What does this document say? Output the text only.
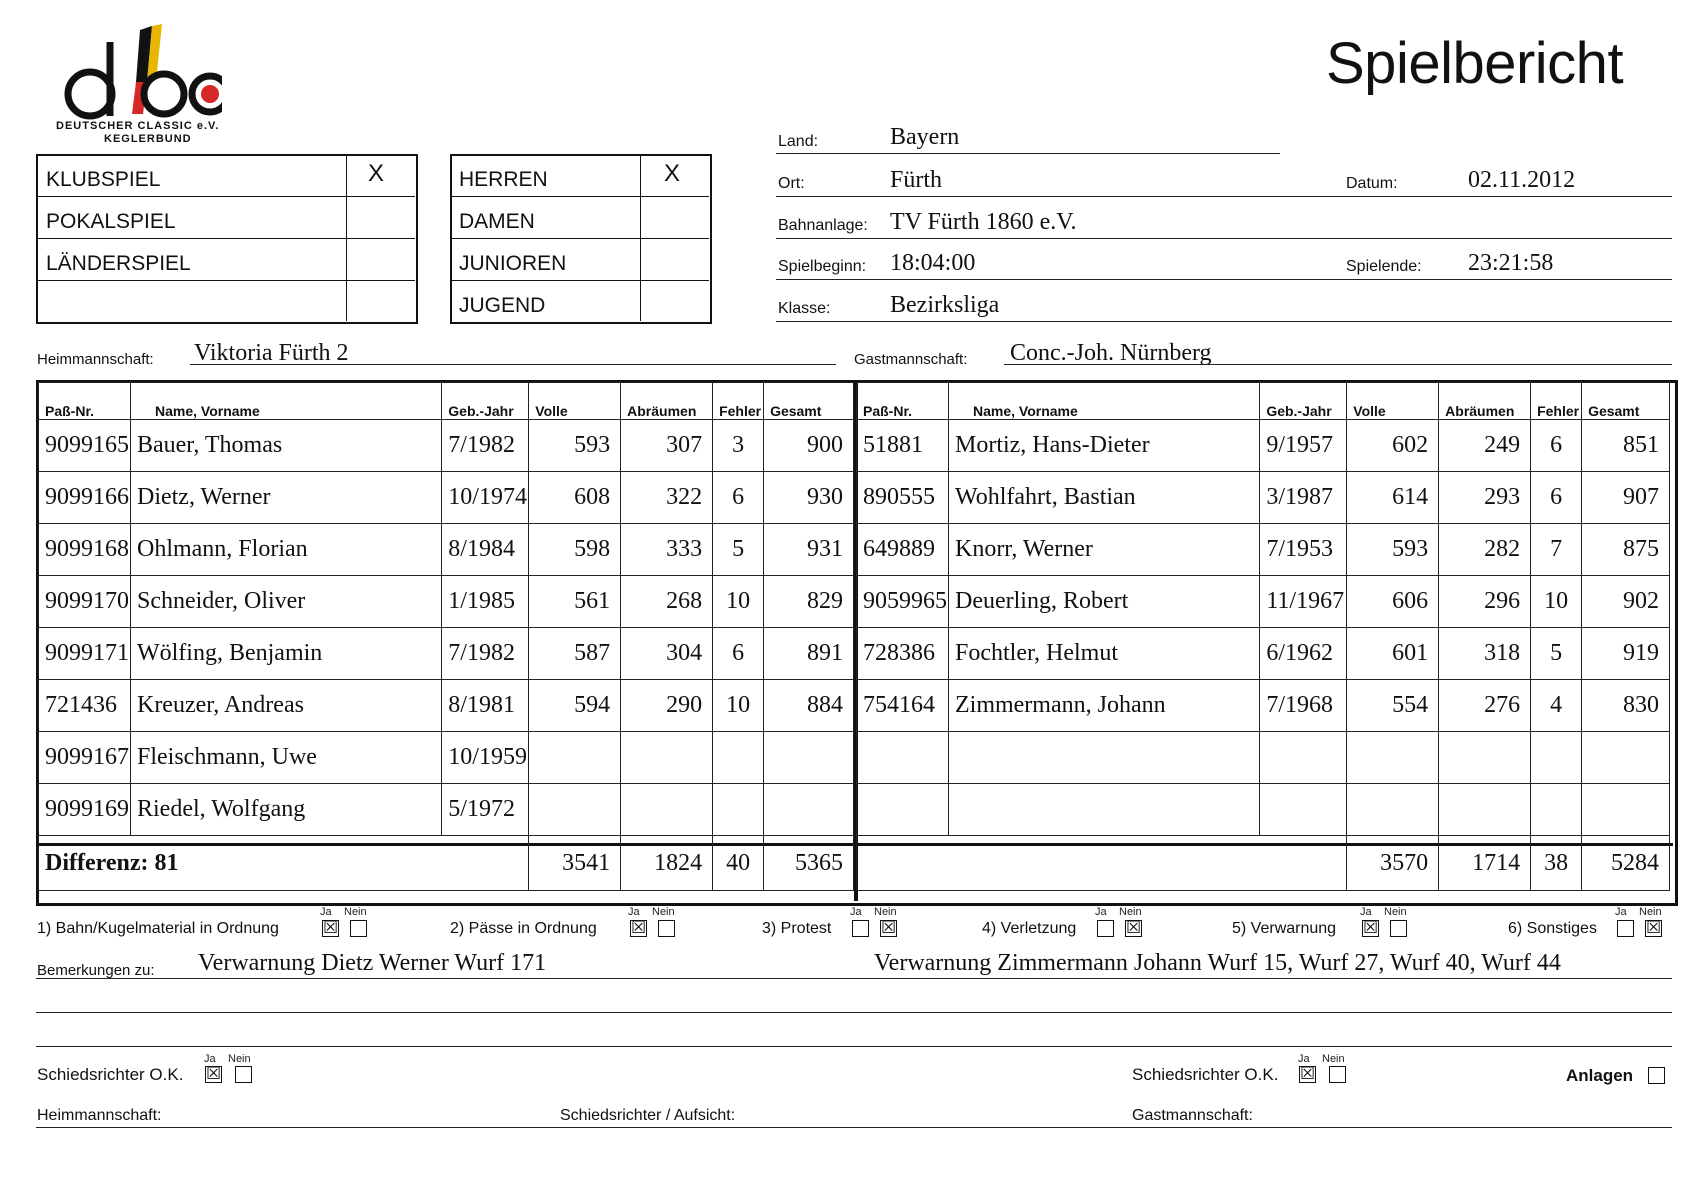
DEUTSCHER CLASSIC e.V.
KEGLERBUND
Spielbericht
KLUBSPIEL
POKALSPIEL
LÄNDERSPIEL
X	HERREN
DAMEN
JUNIOREN
JUGEND
X
Land:	Bayern
Ort:	Fürth	Datum:	02.11.2012
Bahnanlage: TV Fürth 1860 e.V.
Spielbeginn: 18:04:00	Spielende: 23:21:58
Klasse: Bezirksliga
Heimmannschaft: Viktoria Fürth 2	Gastmannschaft: Conc.-Joh. Nürnberg
Paß-Nr.	Name, Vorname	Geb.-Jahr	Volle	Abräumen	Fehler	Gesamt
9099165	Bauer, Thomas	7/1982	593	307	3	900
9099166	Dietz, Werner	10/1974	608	322	6	930
9099168	Ohlmann, Florian	8/1984	598	333	5	931
9099170	Schneider, Oliver	1/1985	561	268	10	829
9099171	Wölfing, Benjamin	7/1982	587	304	6	891
721436	Kreuzer, Andreas	8/1981	594	290	10	884
9099167	Fleischmann, Uwe	10/1959				
9099169	Riedel, Wolfgang	5/1972				
Differenz: 81			3541	1824	40	5365
Paß-Nr.	Name, Vorname	Geb.-Jahr	Volle	Abräumen	Fehler	Gesamt
51881	Mortiz, Hans-Dieter	9/1957	602	249	6	851
890555	Wohlfahrt, Bastian	3/1987	614	293	6	907
649889	Knorr, Werner	7/1953	593	282	7	875
9059965	Deuerling, Robert	11/1967	606	296	10	902
728386	Fochtler, Helmut	6/1962	601	318	5	919
754164	Zimmermann, Johann	7/1968	554	276	4	830

			3570	1714	38	5284
1) Bahn/Kugelmaterial in Ordnung
Ja Nein
☒	2) Pässe in Ordnung
Ja Nein
☒	3) Protest
Ja Nein
☒	4) Verletzung
Ja Nein
☒	5) Verwarnung
Ja Nein
☒	6) Sonstiges
Ja Nein
☒
Bemerkungen zu: Verwarnung Dietz Werner Wurf 171	Verwarnung Zimmermann Johann Wurf 15, Wurf 27, Wurf 40, Wurf 44
Schiedsrichter O.K.
Ja Nein
☒	Schiedsrichter O.K.
Ja Nein
☒	Anlagen
Heimmannschaft:	Schiedsrichter / Aufsicht:	Gastmannschaft:
